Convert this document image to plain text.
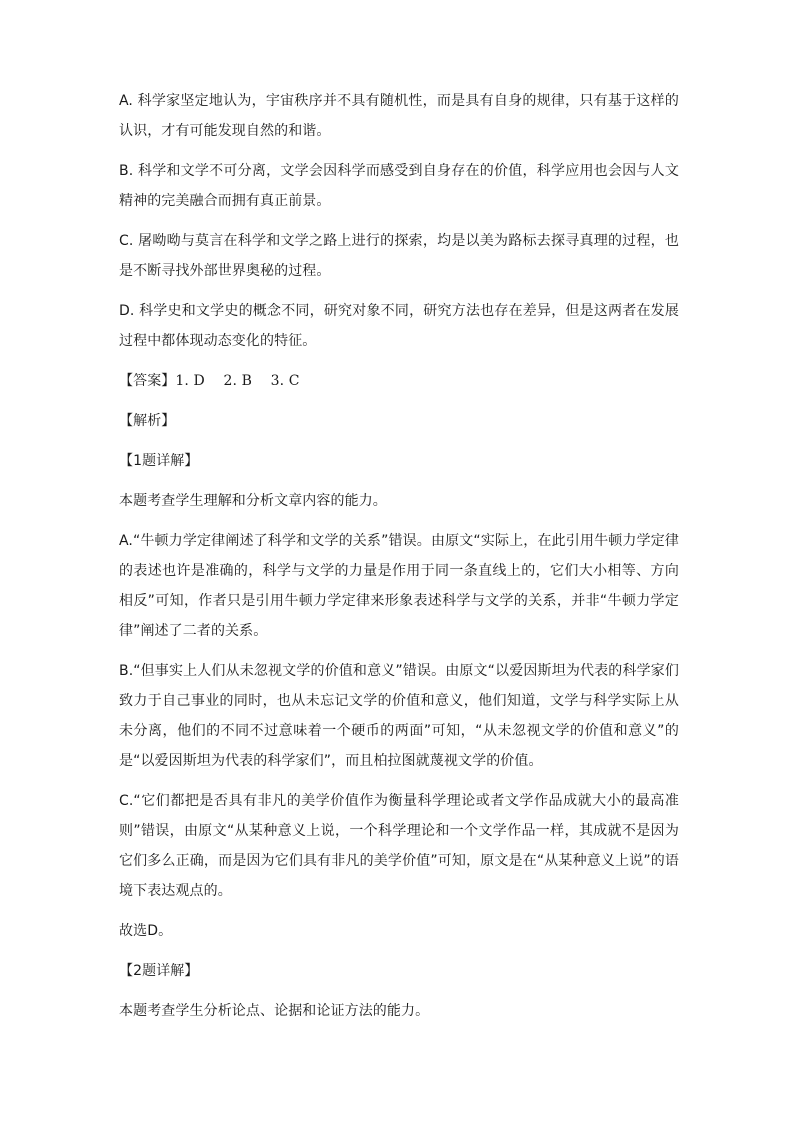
A. 科学家坚定地认为，宇宙秩序并不具有随机性，而是具有自身的规律，只有基于这样的认识，才有可能发现自然的和谐。

B. 科学和文学不可分离，文学会因科学而感受到自身存在的价值，科学应用也会因与人文精神的完美融合而拥有真正前景。

C. 屠呦呦与莫言在科学和文学之路上进行的探索，均是以美为路标去探寻真理的过程，也是不断寻找外部世界奥秘的过程。

D. 科学史和文学史的概念不同，研究对象不同，研究方法也存在差异，但是这两者在发展过程中都体现动态变化的特征。

【答案】1. D　 2. B　 3. C

【解析】

【1题详解】

本题考查学生理解和分析文章内容的能力。

A.“牛顿力学定律阐述了科学和文学的关系”错误。由原文“实际上，在此引用牛顿力学定律的表述也许是准确的，科学与文学的力量是作用于同一条直线上的，它们大小相等、方向相反”可知，作者只是引用牛顿力学定律来形象表述科学与文学的关系，并非“牛顿力学定律”阐述了二者的关系。

B.“但事实上人们从未忽视文学的价值和意义”错误。由原文“以爱因斯坦为代表的科学家们致力于自己事业的同时，也从未忘记文学的价值和意义，他们知道，文学与科学实际上从未分离，他们的不同不过意味着一个硬币的两面”可知，“从未忽视文学的价值和意义”的是“以爱因斯坦为代表的科学家们”，而且柏拉图就蔑视文学的价值。

C.“它们都把是否具有非凡的美学价值作为衡量科学理论或者文学作品成就大小的最高准则”错误，由原文“从某种意义上说，一个科学理论和一个文学作品一样，其成就不是因为它们多么正确，而是因为它们具有非凡的美学价值”可知，原文是在“从某种意义上说”的语境下表达观点的。

故选D。

【2题详解】

本题考查学生分析论点、论据和论证方法的能力。
